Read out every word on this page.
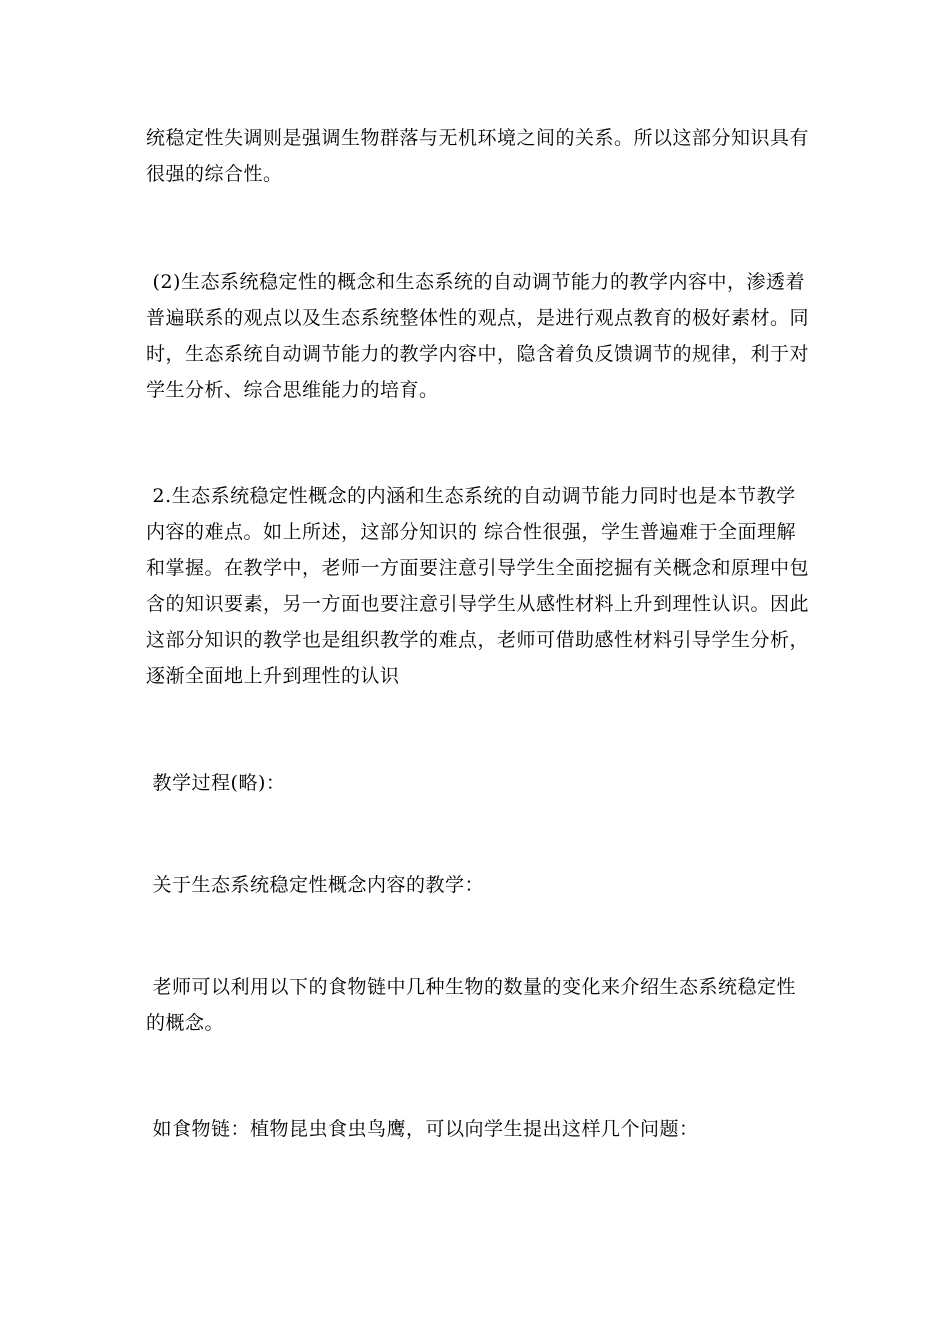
统稳定性失调则是强调生物群落与无机环境之间的关系。所以这部分知识具有很强的综合性。

(2)生态系统稳定性的概念和生态系统的自动调节能力的教学内容中，渗透着普遍联系的观点以及生态系统整体性的观点，是进行观点教育的极好素材。同时，生态系统自动调节能力的教学内容中，隐含着负反馈调节的规律，利于对学生分析、综合思维能力的培育。

2.生态系统稳定性概念的内涵和生态系统的自动调节能力同时也是本节教学内容的难点。如上所述，这部分知识的 综合性很强，学生普遍难于全面理解和掌握。在教学中，老师一方面要注意引导学生全面挖掘有关概念和原理中包含的知识要素，另一方面也要注意引导学生从感性材料上升到理性认识。因此这部分知识的教学也是组织教学的难点，老师可借助感性材料引导学生分析，逐渐全面地上升到理性的认识

教学过程(略)：

关于生态系统稳定性概念内容的教学：

老师可以利用以下的食物链中几种生物的数量的变化来介绍生态系统稳定性的概念。

如食物链：植物昆虫食虫鸟鹰，可以向学生提出这样几个问题：
